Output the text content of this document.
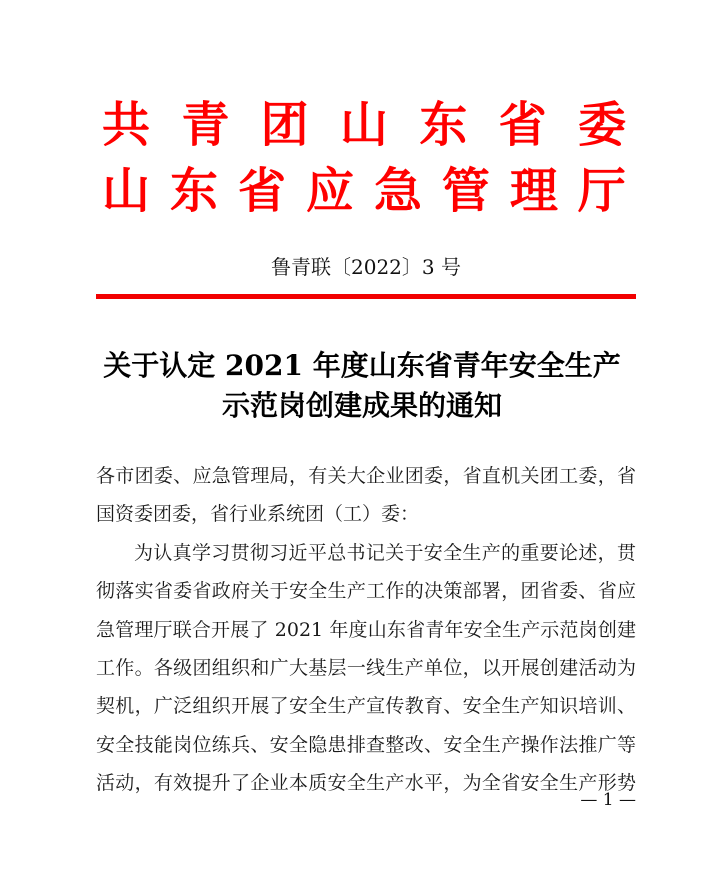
共 青 团 山 东 省 委
山 东 省 应 急 管 理 厅
鲁青联〔2022〕3 号
关于认定 2021 年度山东省青年安全生产
示范岗创建成果的通知
各市团委、应急管理局，有关大企业团委，省直机关团工委，省
国资委团委，省行业系统团（工）委：
为认真学习贯彻习近平总书记关于安全生产的重要论述，贯
彻落实省委省政府关于安全生产工作的决策部署，团省委、省应
急管理厅联合开展了 2021 年度山东省青年安全生产示范岗创建
工作。各级团组织和广大基层一线生产单位，以开展创建活动为
契机，广泛组织开展了安全生产宣传教育、安全生产知识培训、
安全技能岗位练兵、安全隐患排查整改、安全生产操作法推广等
活动，有效提升了企业本质安全生产水平，为全省安全生产形势
— 1 —
